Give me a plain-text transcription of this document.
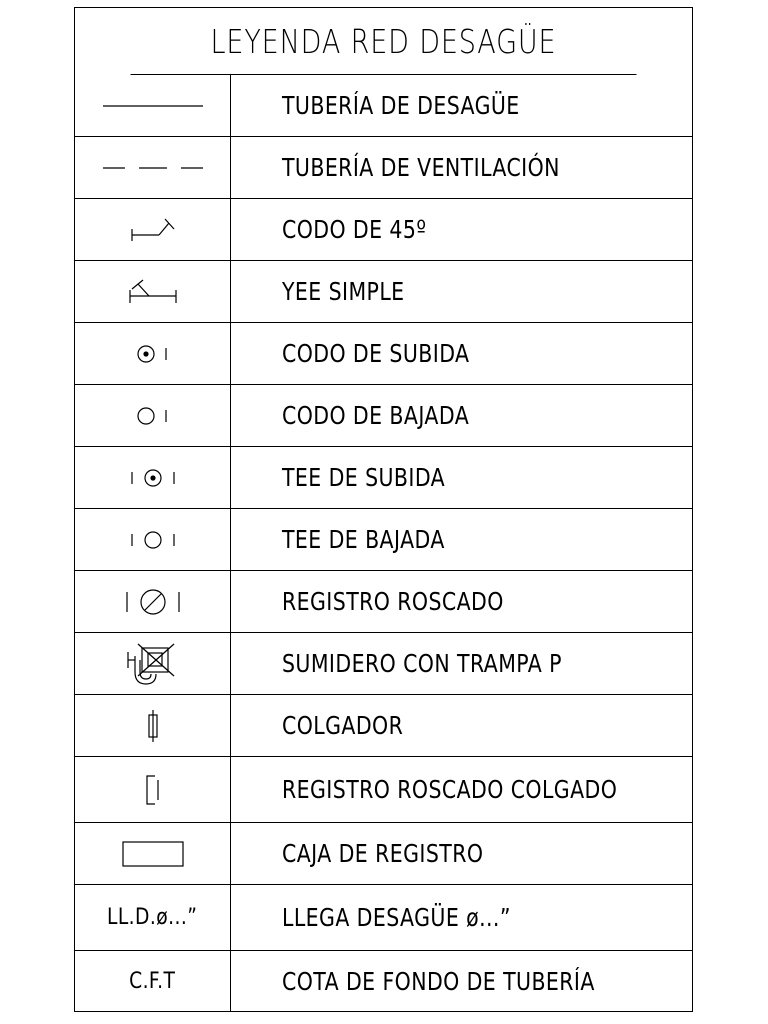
LEYENDA RED DESAGÜE
TUBERÍA DE DESAGÜE
TUBERÍA DE VENTILACIÓN
CODO DE 45º
YEE SIMPLE
CODO DE SUBIDA
CODO DE BAJADA
TEE DE SUBIDA
TEE DE BAJADA
REGISTRO ROSCADO
SUMIDERO CON TRAMPA P
COLGADOR
REGISTRO ROSCADO COLGADO
CAJA DE REGISTRO
LL.D.ø...”	LLEGA DESAGÜE ø...”
C.F.T	COTA DE FONDO DE TUBERÍA
